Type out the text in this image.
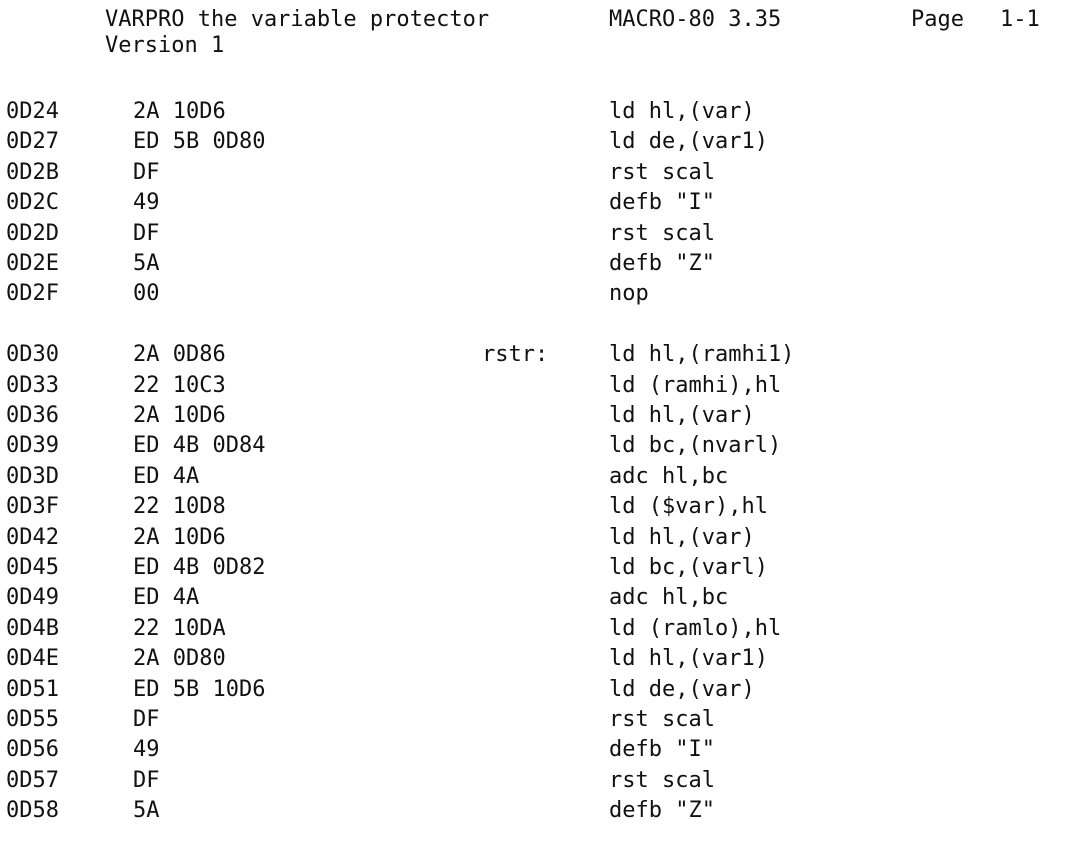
VARPRO the variable protector	MACRO-80 3.35	Page 1-1
Version 1
0D24	2A 10D6	ld hl,(var)
0D27	ED 5B 0D80	ld de,(var1)
0D2B	DF	rst scal
0D2C	49	defb "I"
0D2D	DF	rst scal
0D2E	5A	defb "Z"
0D2F	00	nop
0D30	2A 0D86	rstr:	ld hl,(ramhi1)
0D33	22 10C3	ld (ramhi),hl
0D36	2A 10D6	ld hl,(var)
0D39	ED 4B 0D84	ld bc,(nvarl)
0D3D	ED 4A	adc hl,bc
0D3F	22 10D8	ld ($var),hl
0D42	2A 10D6	ld hl,(var)
0D45	ED 4B 0D82	ld bc,(varl)
0D49	ED 4A	adc hl,bc
0D4B	22 10DA	ld (ramlo),hl
0D4E	2A 0D80	ld hl,(var1)
0D51	ED 5B 10D6	ld de,(var)
0D55	DF	rst scal
0D56	49	defb "I"
0D57	DF	rst scal
0D58	5A	defb "Z"
